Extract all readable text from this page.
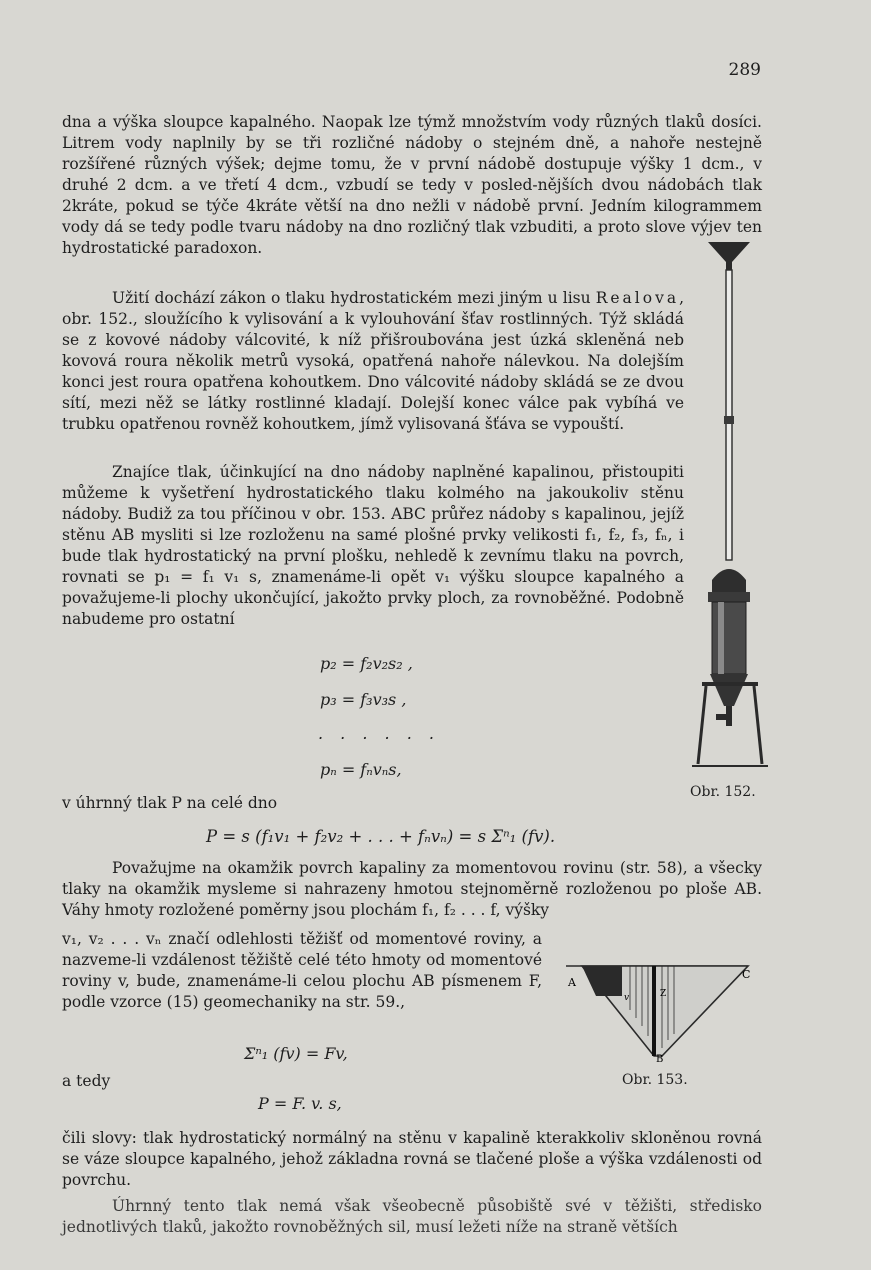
289

dna a výška sloupce kapalného. Naopak lze týmž množstvím vody různých tlaků dosíci. Litrem vody naplnily by se tři rozličné nádoby o stejném dně, a nahoře nestejně rozšířené různých výšek; dejme tomu, že v první nádobě dostupuje výšky 1 dcm., v druhé 2 dcm. a ve třetí 4 dcm., vzbudí se tedy v posled-nějších dvou nádobách tlak 2kráte, pokud se týče 4kráte větší na dno nežli v nádobě první. Jedním kilogrammem vody dá se tedy podle tvaru nádoby na dno rozličný tlak vzbuditi, a proto slove výjev ten hydrostatické paradoxon.

Užití dochází zákon o tlaku hydrostatickém mezi jiným u lisu Realova, obr. 152., sloužícího k vylisování a k vylouhování šťav rostlinných. Týž skládá se z kovové nádoby válcovité, k níž přišroubována jest úzká skleněná neb kovová roura několik metrů vysoká, opatřená nahoře nálevkou. Na dolejším konci jest roura opatřena kohoutkem. Dno válcovité nádoby skládá se ze dvou sítí, mezi něž se látky rostlinné kladají. Dolejší konec válce pak vybíhá ve trubku opatřenou rovněž kohoutkem, jímž vylisovaná šťáva se vypouští.

Znajíce tlak, účinkující na dno nádoby naplněné kapalinou, přistoupiti můžeme k vyšetření hydrostatického tlaku kolmého na jakoukoliv stěnu nádoby. Budiž za tou příčinou v obr. 153. ABC průřez nádoby s kapalinou, jejíž stěnu AB mysliti si lze rozloženu na samé plošné prvky velikosti f₁, f₂, f₃, fₙ, i bude tlak hydrostatický na první plošku, nehledě k zevnímu tlaku na povrch, rovnati se p₁ = f₁ v₁ s, znamenáme-li opět v₁ výšku sloupce kapalného a považujeme-li plochy ukončující, jakožto prvky ploch, za rovnoběžné. Podobně nabudeme pro ostatní

p₂ = f₂v₂s₂ ,
p₃ = f₃v₃s ,
. . . . . .
pₙ = fₙvₙs,

v úhrnný tlak P na celé dno

P = s (f₁v₁ + f₂v₂ + . . . + fₙvₙ) = s Σⁿ₁ (fv).

Považujme na okamžik povrch kapaliny za momentovou rovinu (str. 58), a všecky tlaky na okamžik mysleme si nahrazeny hmotou stejnoměrně rozloženou po ploše AB. Váhy hmoty rozložené poměrny jsou plochám f₁, f₂ . . . f, výšky

v₁, v₂ . . . vₙ značí odlehlosti těžišť od momentové roviny, a nazveme-li vzdálenost těžiště celé této hmoty od momentové roviny v, bude, znamenáme-li celou plochu AB písmenem F, podle vzorce (15) geomechaniky na str. 59.,

Σⁿ₁ (fv) = Fv,

a tedy

P = F. v. s,

čili slovy: tlak hydrostatický normálný na stěnu v kapalině kterakkoliv skloněnou rovná se váze sloupce kapalného, jehož základna rovná se tlačené ploše a výška vzdálenosti od povrchu.

Úhrnný tento tlak nemá však všeobecně působiště své v těžišti, středisko jednotlivých tlaků, jakožto rovnoběžných sil, musí ležeti níže na straně větších

Obr. 152.
A
B
C
v	Z
Obr. 153.
